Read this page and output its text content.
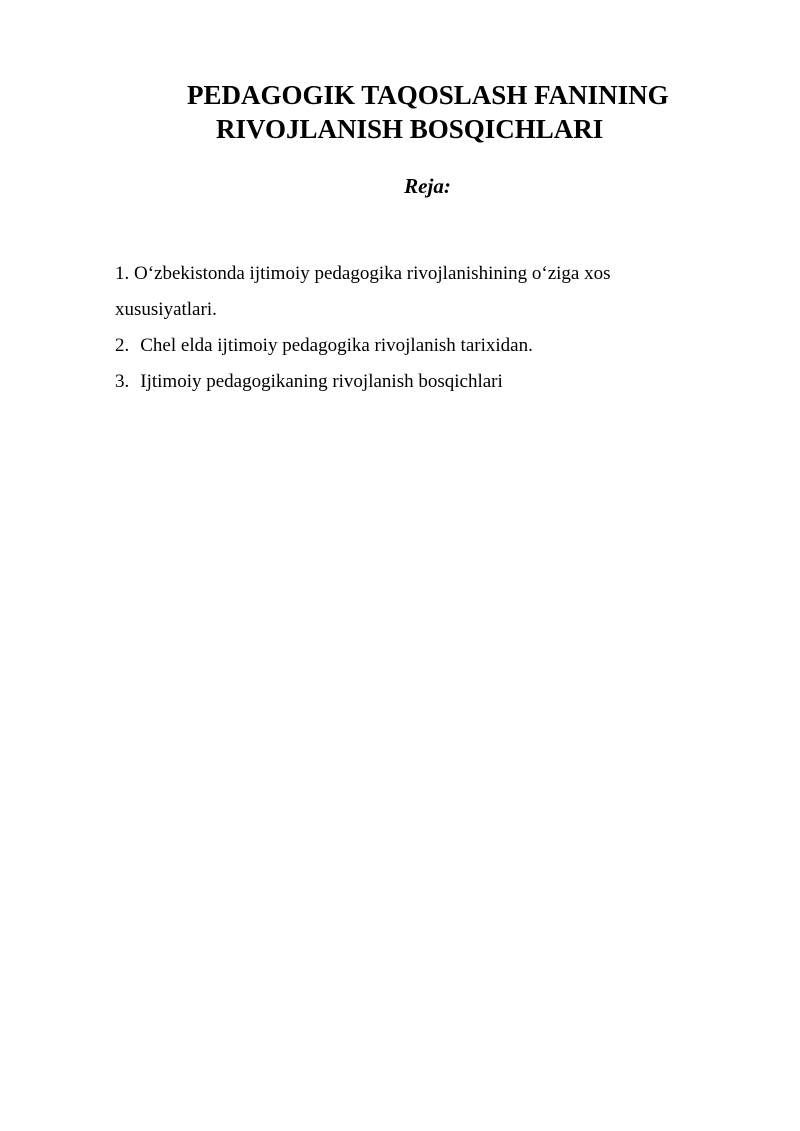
PEDAGOGIK TAQOSLASH FANINING
RIVOJLANISH BOSQICHLARI
Reja:
1. O‘zbekistonda ijtimoiy pedagogika rivojlanishining o‘ziga xos
xususiyatlari.
2. Chel elda ijtimoiy pedagogika rivojlanish tarixidan.
3. Ijtimoiy pedagogikaning rivojlanish bosqichlari
